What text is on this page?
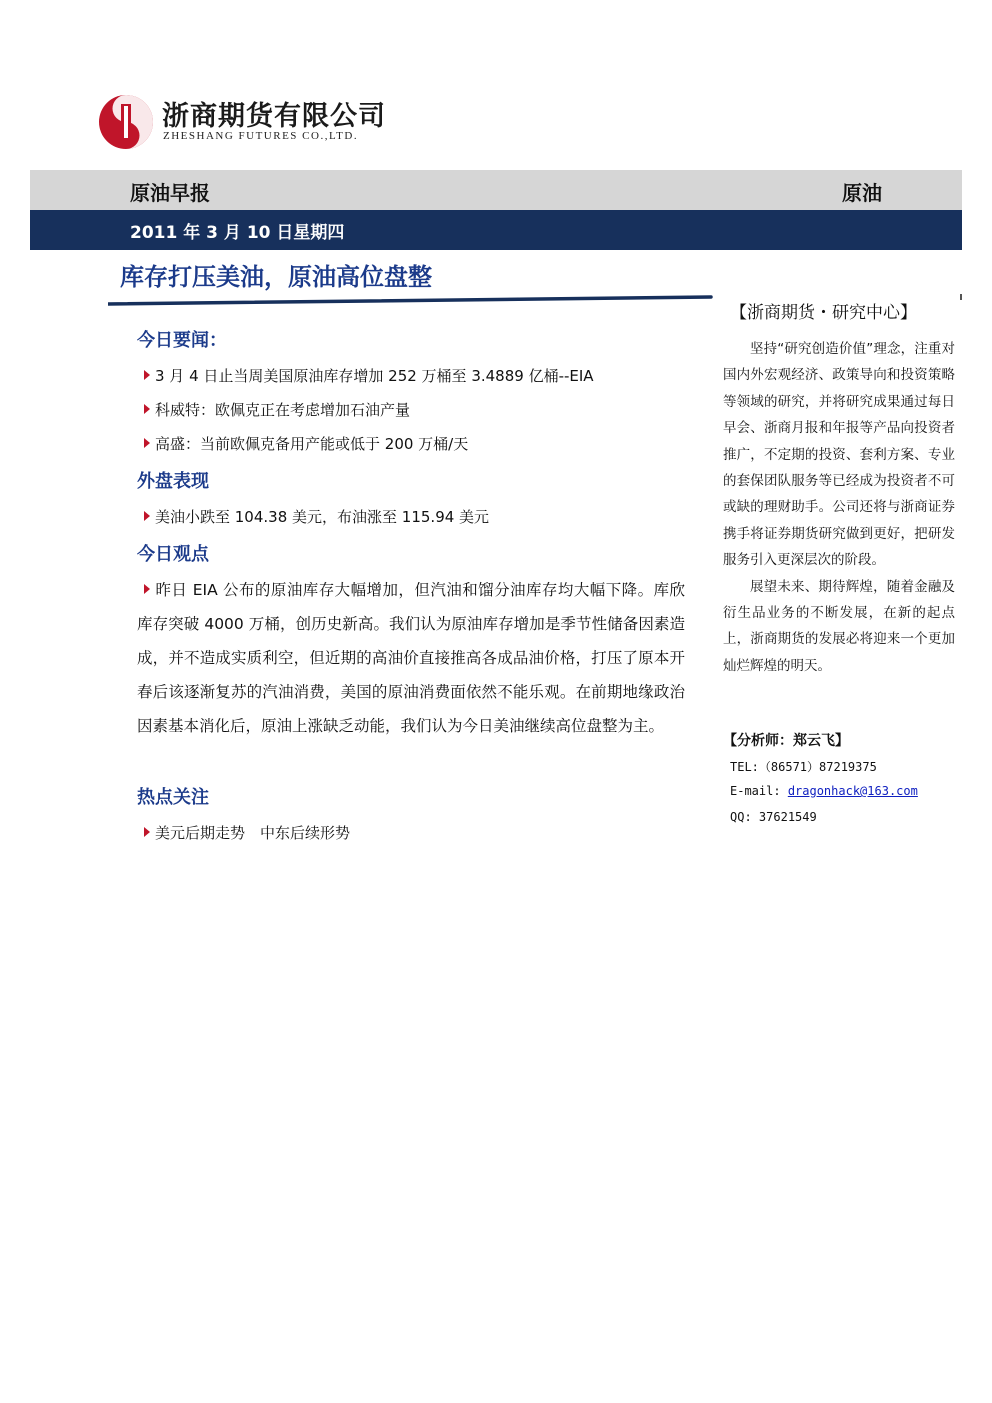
浙商期货有限公司
ZHESHANG FUTURES CO.,LTD.
原油早报	原油
2011 年 3 月 10 日星期四
库存打压美油，原油高位盘整
今日要闻：
3 月 4 日止当周美国原油库存增加 252 万桶至 3.4889 亿桶--EIA
科威特：欧佩克正在考虑增加石油产量
高盛：当前欧佩克备用产能或低于 200 万桶/天
外盘表现
美油小跌至 104.38 美元，布油涨至 115.94 美元
今日观点
昨日 EIA 公布的原油库存大幅增加，但汽油和馏分油库存均大幅下降。库欣库存突破 4000 万桶，创历史新高。我们认为原油库存增加是季节性储备因素造成，并不造成实质利空，但近期的高油价直接推高各成品油价格，打压了原本开春后该逐渐复苏的汽油消费，美国的原油消费面依然不能乐观。在前期地缘政治因素基本消化后，原油上涨缺乏动能，我们认为今日美油继续高位盘整为主。
热点关注
美元后期走势　中东后续形势
【浙商期货・研究中心】

坚持“研究创造价值”理念，注重对国内外宏观经济、政策导向和投资策略等领域的研究，并将研究成果通过每日早会、浙商月报和年报等产品向投资者推广，不定期的投资、套利方案、专业的套保团队服务等已经成为投资者不可或缺的理财助手。公司还将与浙商证券携手将证券期货研究做到更好，把研发服务引入更深层次的阶段。

展望未来、期待辉煌，随着金融及衍生品业务的不断发展，在新的起点上，浙商期货的发展必将迎来一个更加灿烂辉煌的明天。

【分析师：郑云飞】
TEL:（86571）87219375
E-mail: dragonhack@163.com
QQ: 37621549
